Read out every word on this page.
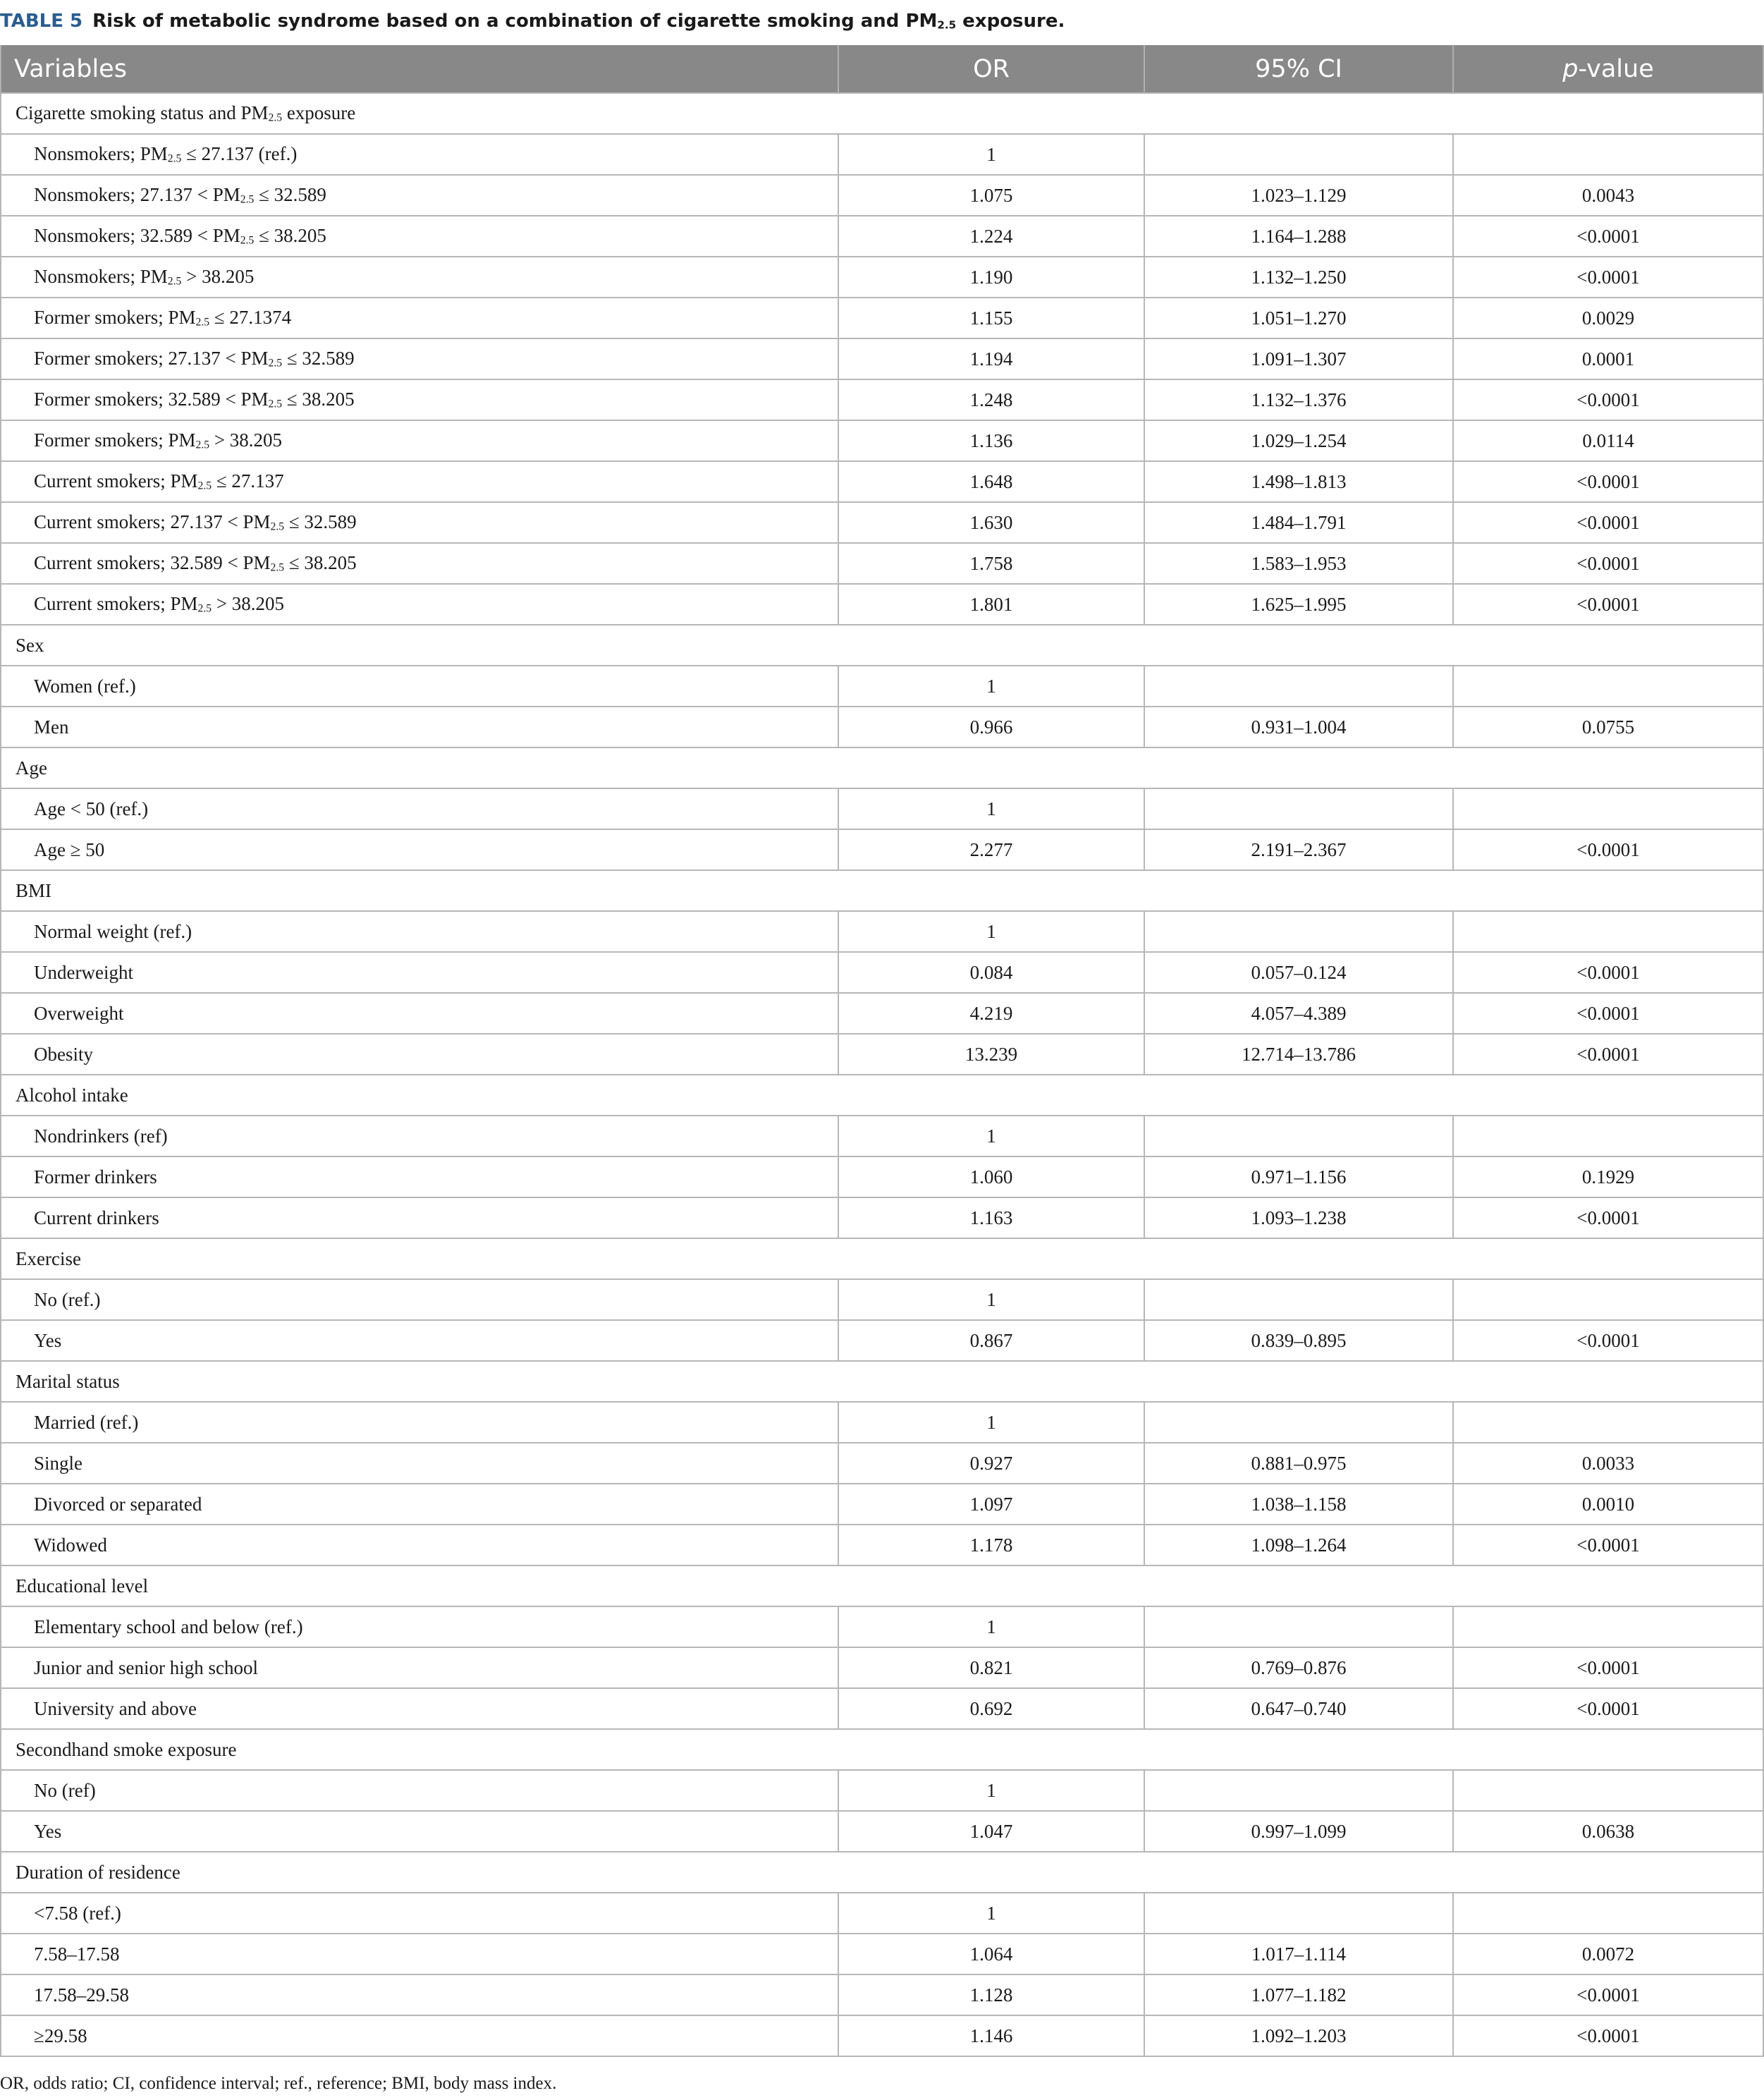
TABLE 5 Risk of metabolic syndrome based on a combination of cigarette smoking and $PM_{2.5}$ exposure.
Variables	OR	95% CI	p-value
Cigarette smoking status and $PM_{2.5}$ exposure			
Nonsmokers; $PM_{2.5} \le 27.137$ (ref.)	1		
Nonsmokers; $27.137 < PM_{2.5} \le 32.589$	1.075	1.023–1.129	0.0043
Nonsmokers; $32.589 < PM_{2.5} \le 38.205$	1.224	1.164–1.288	<0.0001
Nonsmokers; $PM_{2.5} > 38.205$	1.190	1.132–1.250	<0.0001
Former smokers; $PM_{2.5} \le 27.1374$	1.155	1.051–1.270	0.0029
Former smokers; $27.137 < PM_{2.5} \le 32.589$	1.194	1.091–1.307	0.0001
Former smokers; $32.589 < PM_{2.5} \le 38.205$	1.248	1.132–1.376	<0.0001
Former smokers; $PM_{2.5} > 38.205$	1.136	1.029–1.254	0.0114
Current smokers; $PM_{2.5} \le 27.137$	1.648	1.498–1.813	<0.0001
Current smokers; $27.137 < PM_{2.5} \le 32.589$	1.630	1.484–1.791	<0.0001
Current smokers; $32.589 < PM_{2.5} \le 38.205$	1.758	1.583–1.953	<0.0001
Current smokers; $PM_{2.5} > 38.205$	1.801	1.625–1.995	<0.0001
Sex			
Women (ref.)	1		
Men	0.966	0.931–1.004	0.0755
Age			
Age < 50 (ref.)	1		
Age ≥ 50	2.277	2.191–2.367	<0.0001
BMI			
Normal weight (ref.)	1		
Underweight	0.084	0.057–0.124	<0.0001
Overweight	4.219	4.057–4.389	<0.0001
Obesity	13.239	12.714–13.786	<0.0001
Alcohol intake			
Nondrinkers (ref)	1		
Former drinkers	1.060	0.971–1.156	0.1929
Current drinkers	1.163	1.093–1.238	<0.0001
Exercise			
No (ref.)	1		
Yes	0.867	0.839–0.895	<0.0001
Marital status			
Married (ref.)	1		
Single	0.927	0.881–0.975	0.0033
Divorced or separated	1.097	1.038–1.158	0.0010
Widowed	1.178	1.098–1.264	<0.0001
Educational level			
Elementary school and below (ref.)	1		
Junior and senior high school	0.821	0.769–0.876	<0.0001
University and above	0.692	0.647–0.740	<0.0001
Secondhand smoke exposure			
No (ref)	1		
Yes	1.047	0.997–1.099	0.0638
Duration of residence			
<7.58 (ref.)	1		
7.58–17.58	1.064	1.017–1.114	0.0072
17.58–29.58	1.128	1.077–1.182	<0.0001
≥29.58	1.146	1.092–1.203	<0.0001
OR, odds ratio; CI, confidence interval; ref., reference; BMI, body mass index.
